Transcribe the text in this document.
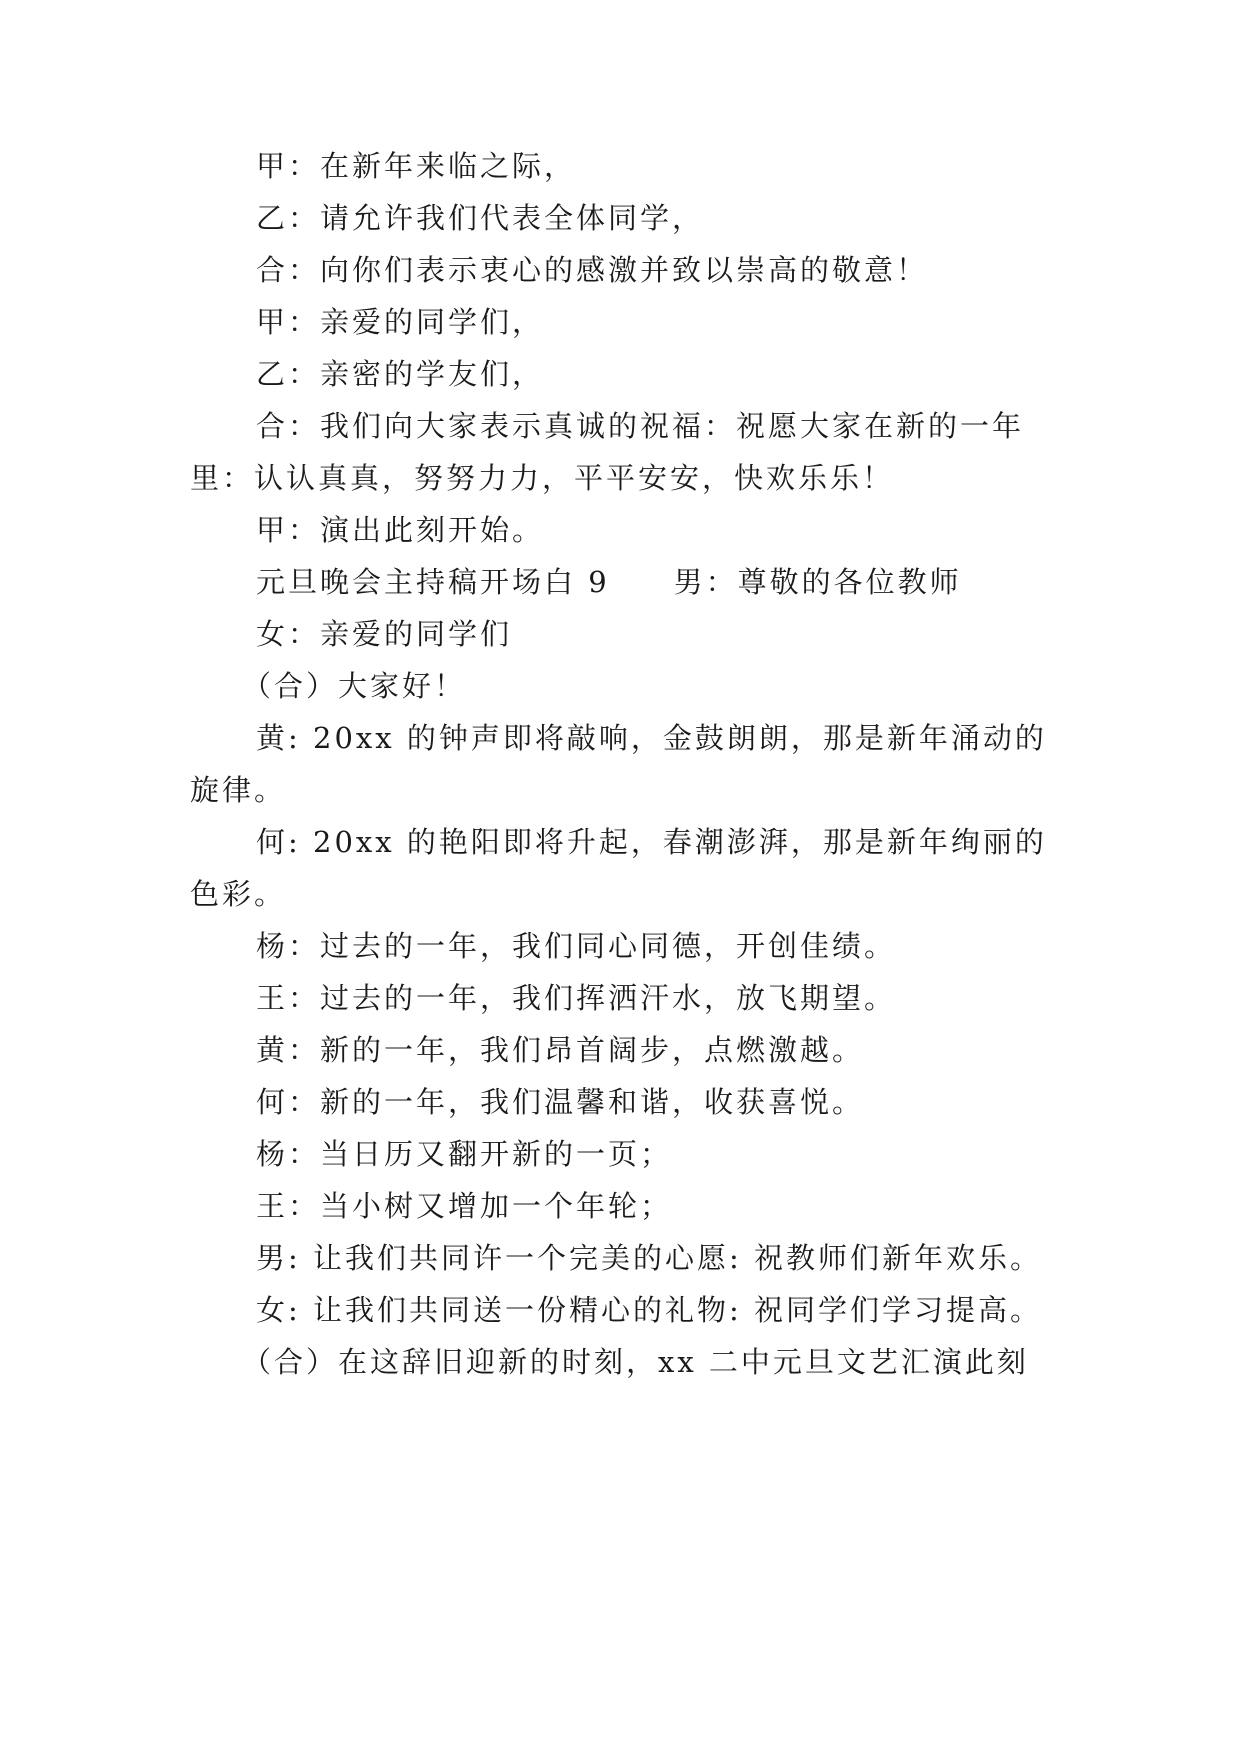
甲：在新年来临之际，
乙：请允许我们代表全体同学，
合：向你们表示衷心的感激并致以崇高的敬意！
甲：亲爱的同学们，
乙：亲密的学友们，
合：我们向大家表示真诚的祝福：祝愿大家在新的一年
里：认认真真，努努力力，平平安安，快欢乐乐！
甲：演出此刻开始。
元旦晚会主持稿开场白 9　　男：尊敬的各位教师
女：亲爱的同学们
（合）大家好！
黄: 20xx 的钟声即将敲响，金鼓朗朗，那是新年涌动的
旋律。
何: 20xx 的艳阳即将升起，春潮澎湃，那是新年绚丽的
色彩。
杨：过去的一年，我们同心同德，开创佳绩。
王：过去的一年，我们挥洒汗水，放飞期望。
黄：新的一年，我们昂首阔步，点燃激越。
何：新的一年，我们温馨和谐，收获喜悦。
杨：当日历又翻开新的一页；
王：当小树又增加一个年轮；
男: 让我们共同许一个完美的心愿: 祝教师们新年欢乐。
女: 让我们共同送一份精心的礼物: 祝同学们学习提高。
（合）在这辞旧迎新的时刻，xx 二中元旦文艺汇演此刻
